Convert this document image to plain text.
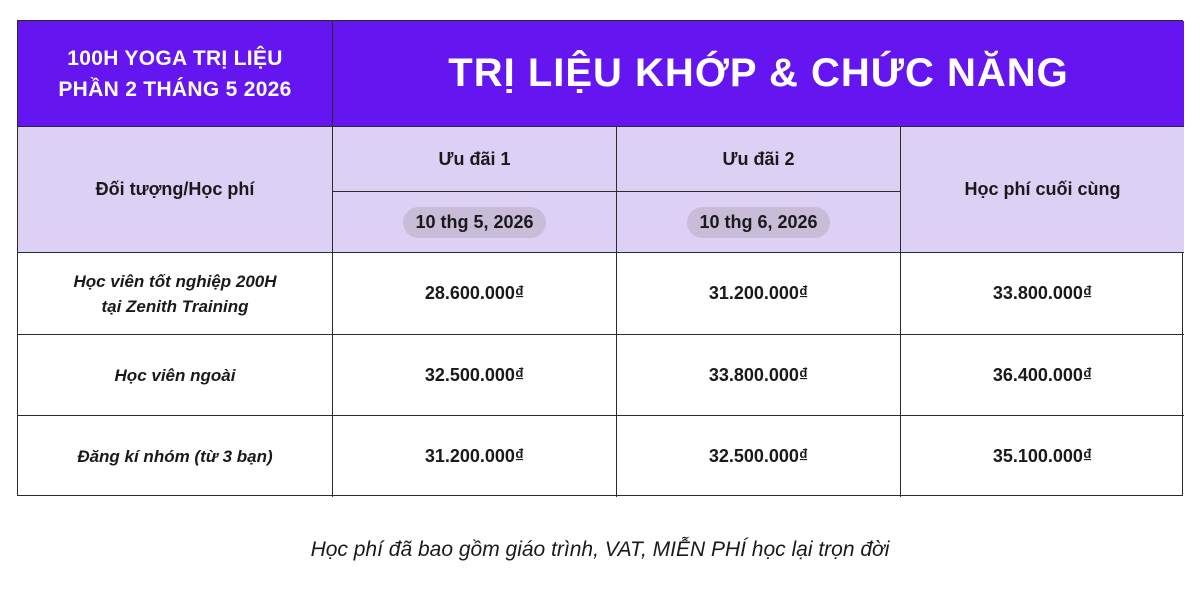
100H YOGA TRỊ LIỆU
PHẦN 2 THÁNG 5 2026	TRỊ LIỆU KHỚP & CHỨC NĂNG
Đối tượng/Học phí
Ưu đãi 1	Ưu đãi 2
Học phí cuối cùng
10 thg 5, 2026	10 thg 6, 2026
Học viên tốt nghiệp 200H
tại Zenith Training
28.600.000₫	31.200.000₫	33.800.000₫
Học viên ngoài	32.500.000₫	33.800.000₫	36.400.000₫
Đăng kí nhóm (từ 3 bạn)	31.200.000₫	32.500.000₫	35.100.000₫
Học phí đã bao gồm giáo trình, VAT, MIỄN PHÍ học lại trọn đời
